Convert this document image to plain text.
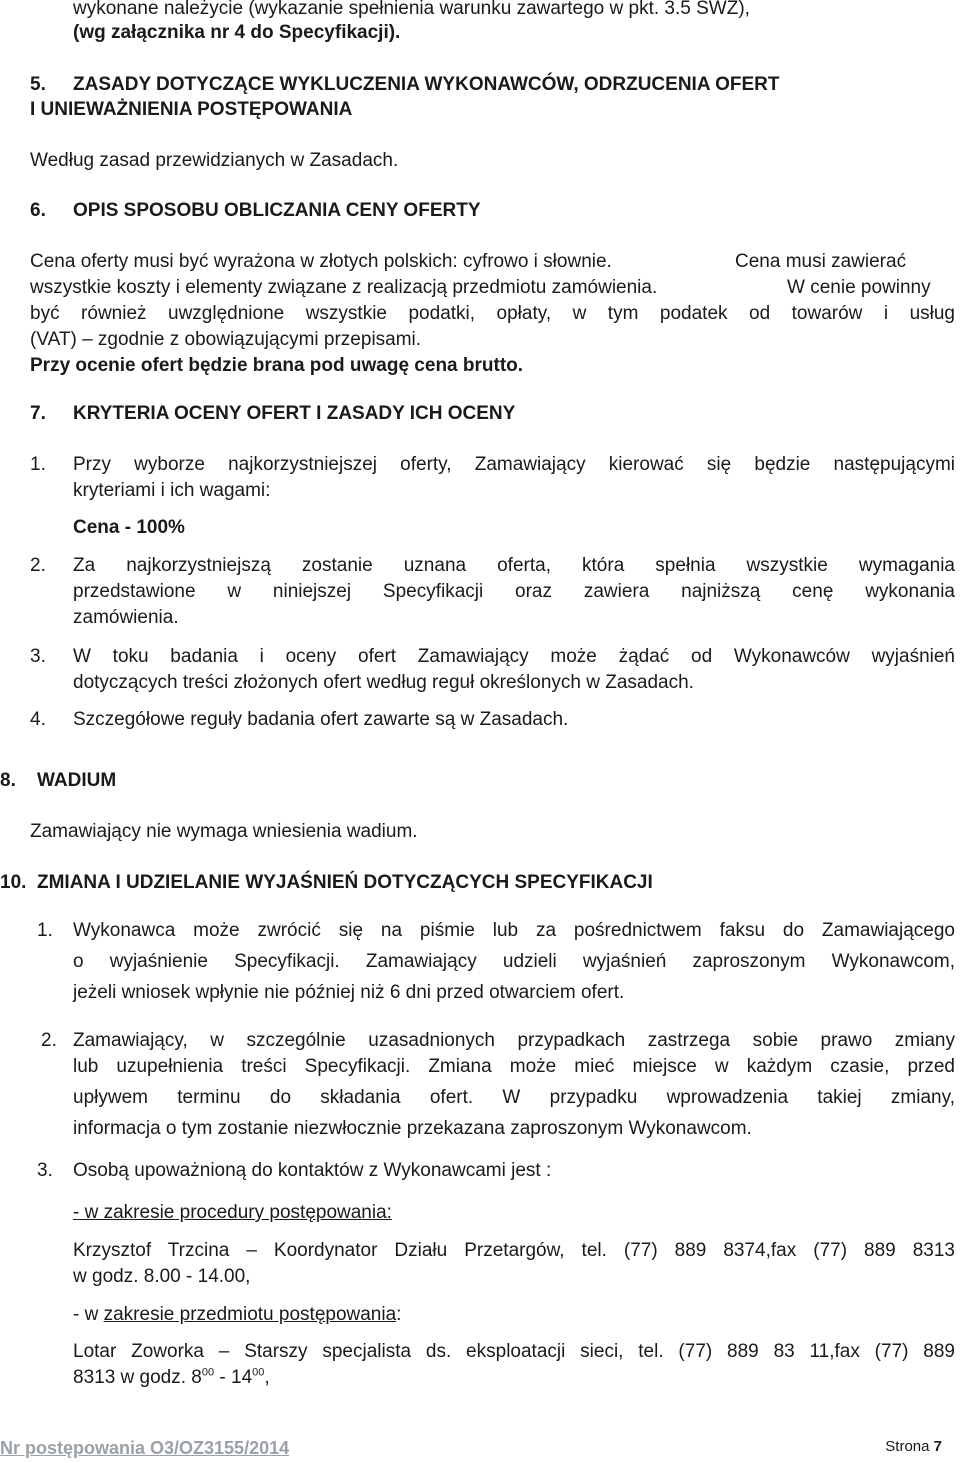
wykonane należycie (wykazanie spełnienia warunku zawartego w pkt. 3.5 SWZ),

(wg załącznika nr 4 do Specyfikacji).

5. ZASADY DOTYCZĄCE WYKLUCZENIA WYKONAWCÓW, ODRZUCENIA OFERT

I UNIEWAŻNIENIA POSTĘPOWANIA

Według zasad przewidzianych w Zasadach.

6. OPIS SPOSOBU OBLICZANIA CENY OFERTY

Cena oferty musi być wyrażona w złotych polskich: cyfrowo i słownie.	Cena musi zawierać

wszystkie koszty i elementy związane z realizacją przedmiotu zamówienia.	W cenie powinny

być również uwzględnione wszystkie podatki, opłaty, w tym podatek od towarów i usług

(VAT) – zgodnie z obowiązującymi przepisami.

Przy ocenie ofert będzie brana pod uwagę cena brutto.

7. KRYTERIA OCENY OFERT I ZASADY ICH OCENY

1. Przy wyborze najkorzystniejszej oferty, Zamawiający kierować się będzie następującymi

kryteriami i ich wagami:

Cena - 100%

2. Za najkorzystniejszą zostanie uznana oferta, która spełnia wszystkie wymagania

przedstawione w niniejszej Specyfikacji oraz zawiera najniższą cenę wykonania

zamówienia.

3. W toku badania i oceny ofert Zamawiający może żądać od Wykonawców wyjaśnień

dotyczących treści złożonych ofert według reguł określonych w Zasadach.

4. Szczegółowe reguły badania ofert zawarte są w Zasadach.

8. WADIUM

Zamawiający nie wymaga wniesienia wadium.

10. ZMIANA I UDZIELANIE WYJAŚNIEŃ DOTYCZĄCYCH SPECYFIKACJI

1. Wykonawca może zwrócić się na piśmie lub za pośrednictwem faksu do Zamawiającego

o wyjaśnienie Specyfikacji. Zamawiający udzieli wyjaśnień zaproszonym Wykonawcom,

jeżeli wniosek wpłynie nie później niż 6 dni przed otwarciem ofert.

2. Zamawiający, w szczególnie uzasadnionych przypadkach zastrzega sobie prawo zmiany

lub uzupełnienia treści Specyfikacji. Zmiana może mieć miejsce w każdym czasie, przed

upływem terminu do składania ofert. W przypadku wprowadzenia takiej zmiany,

informacja o tym zostanie niezwłocznie przekazana zaproszonym Wykonawcom.

3. Osobą upoważnioną do kontaktów z Wykonawcami jest :

- w zakresie procedury postępowania:

Krzysztof Trzcina – Koordynator Działu Przetargów, tel. (77) 889 8374,fax (77) 889 8313

w godz. 8.00 - 14.00,

- w zakresie przedmiotu postępowania:

Lotar Zoworka – Starszy specjalista ds. eksploatacji sieci, tel. (77) 889 83 11,fax (77) 889

8313 w godz. $8^{00} - 14^{00}$,

Nr postępowania O3/OZ3155/2014	Strona 7
